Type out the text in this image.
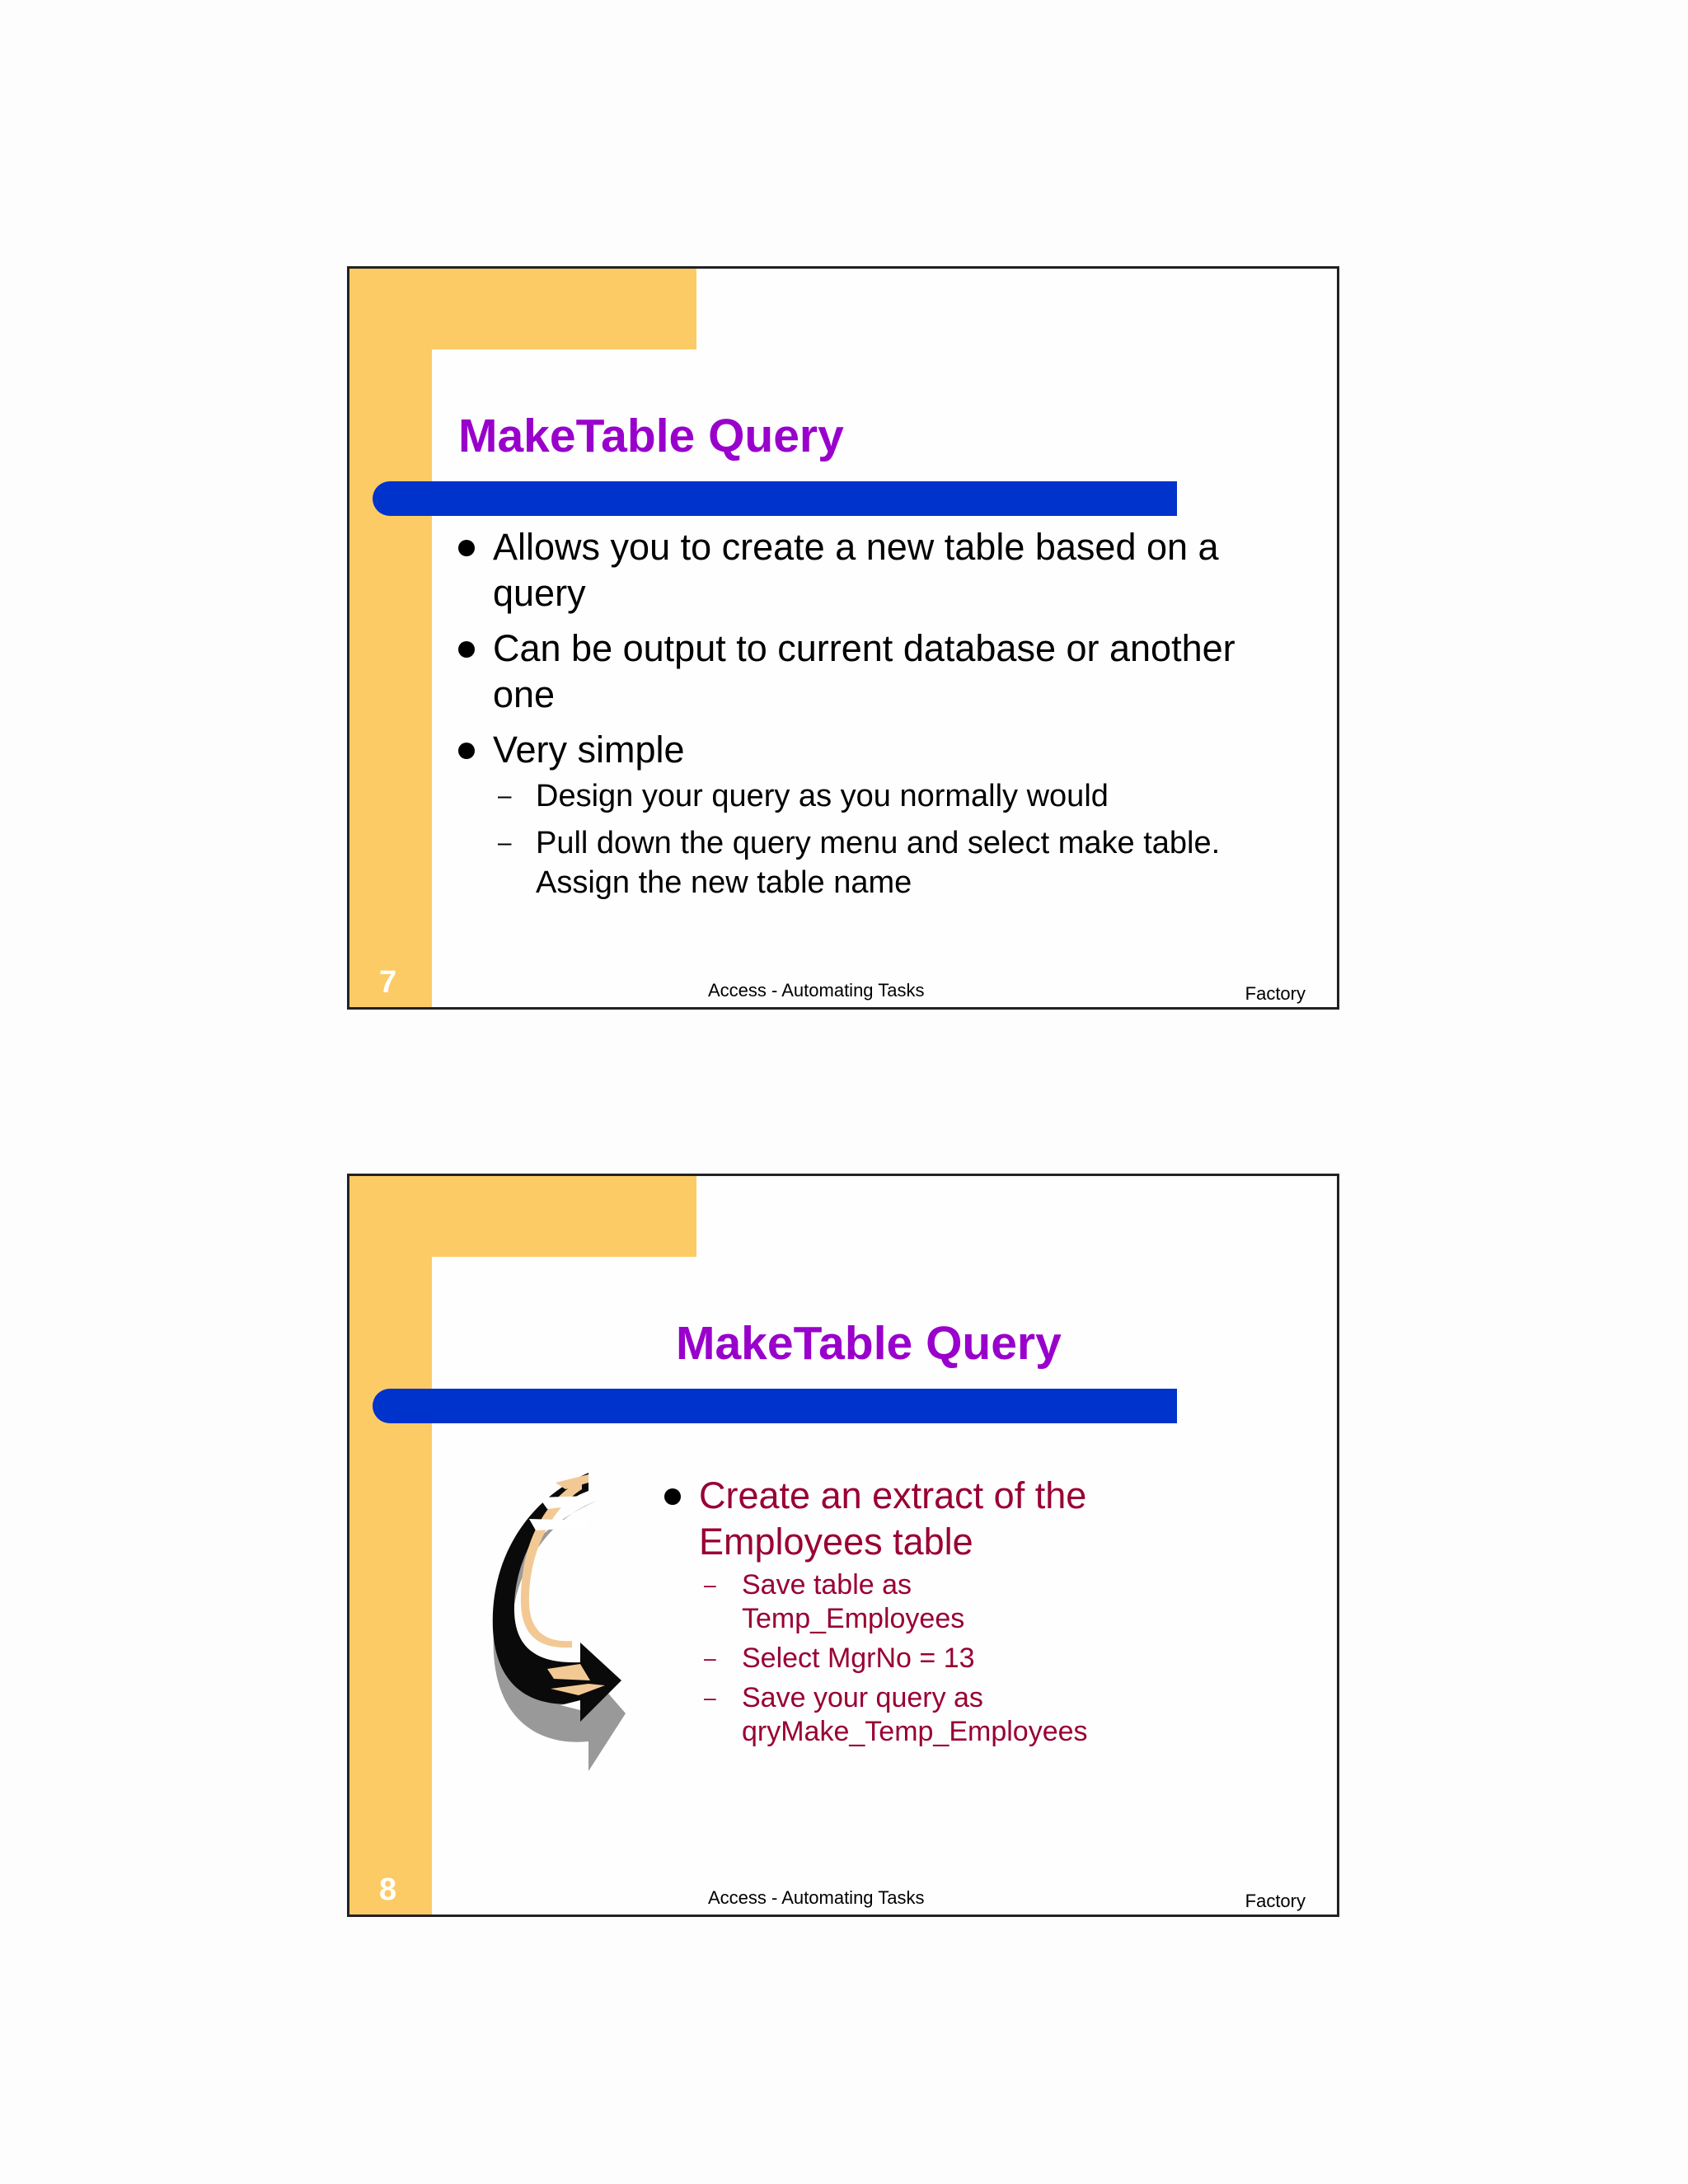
MakeTable Query
Allows you to create a new table based on a query
Can be output to current database or another one
Very simple
– Design your query as you normally would
– Pull down the query menu and select make table. Assign the new table name
7	Access - Automating Tasks	Factory
MakeTable Query
Create an extract of the Employees table
– Save table as Temp_Employees
– Select MgrNo = 13
– Save your query as qryMake_Temp_Employees
8	Access - Automating Tasks	Factory
